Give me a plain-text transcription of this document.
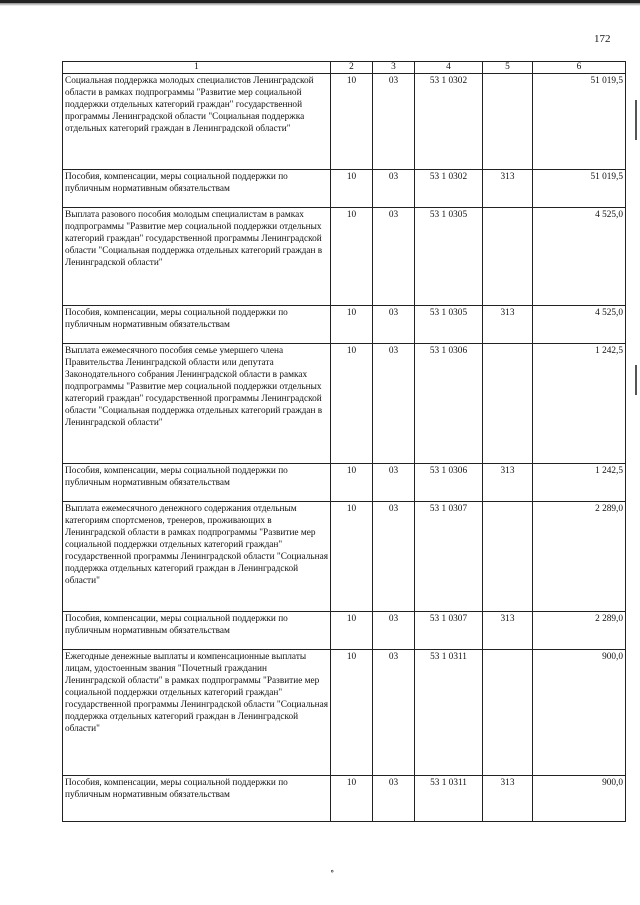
172
1	2	3	4	5	6
Социальная поддержка молодых специалистов Ленинградской области в рамках подпрограммы "Развитие мер социальной поддержки отдельных категорий граждан" государственной программы Ленинградской области "Социальная поддержка отдельных категорий граждан в Ленинградской области"	10	03	53 1 0302		51 019,5
Пособия, компенсации, меры социальной поддержки по публичным нормативным обязательствам	10	03	53 1 0302	313	51 019,5
Выплата разового пособия молодым специалистам в рамках подпрограммы "Развитие мер социальной поддержки отдельных категорий граждан" государственной программы Ленинградской области "Социальная поддержка отдельных категорий граждан в Ленинградской области"	10	03	53 1 0305		4 525,0
Пособия, компенсации, меры социальной поддержки по публичным нормативным обязательствам	10	03	53 1 0305	313	4 525,0
Выплата ежемесячного пособия семье умершего члена Правительства Ленинградской области или депутата Законодательного собрания Ленинградской области в рамках подпрограммы "Развитие мер социальной поддержки отдельных категорий граждан" государственной программы Ленинградской области "Социальная поддержка отдельных категорий граждан в Ленинградской области"	10	03	53 1 0306		1 242,5
Пособия, компенсации, меры социальной поддержки по публичным нормативным обязательствам	10	03	53 1 0306	313	1 242,5
Выплата ежемесячного денежного содержания отдельным категориям спортсменов, тренеров, проживающих в Ленинградской области в рамках подпрограммы "Развитие мер социальной поддержки отдельных категорий граждан" государственной программы Ленинградской области "Социальная поддержка отдельных категорий граждан в Ленинградской области"	10	03	53 1 0307		2 289,0
Пособия, компенсации, меры социальной поддержки по публичным нормативным обязательствам	10	03	53 1 0307	313	2 289,0
Ежегодные денежные выплаты и компенсационные выплаты лицам, удостоенным звания "Почетный гражданин Ленинградской области" в рамках подпрограммы "Развитие мер социальной поддержки отдельных категорий граждан" государственной программы Ленинградской области "Социальная поддержка отдельных категорий граждан в Ленинградской области"	10	03	53 1 0311		900,0
Пособия, компенсации, меры социальной поддержки по публичным нормативным обязательствам	10	03	53 1 0311	313	900,0
∘
